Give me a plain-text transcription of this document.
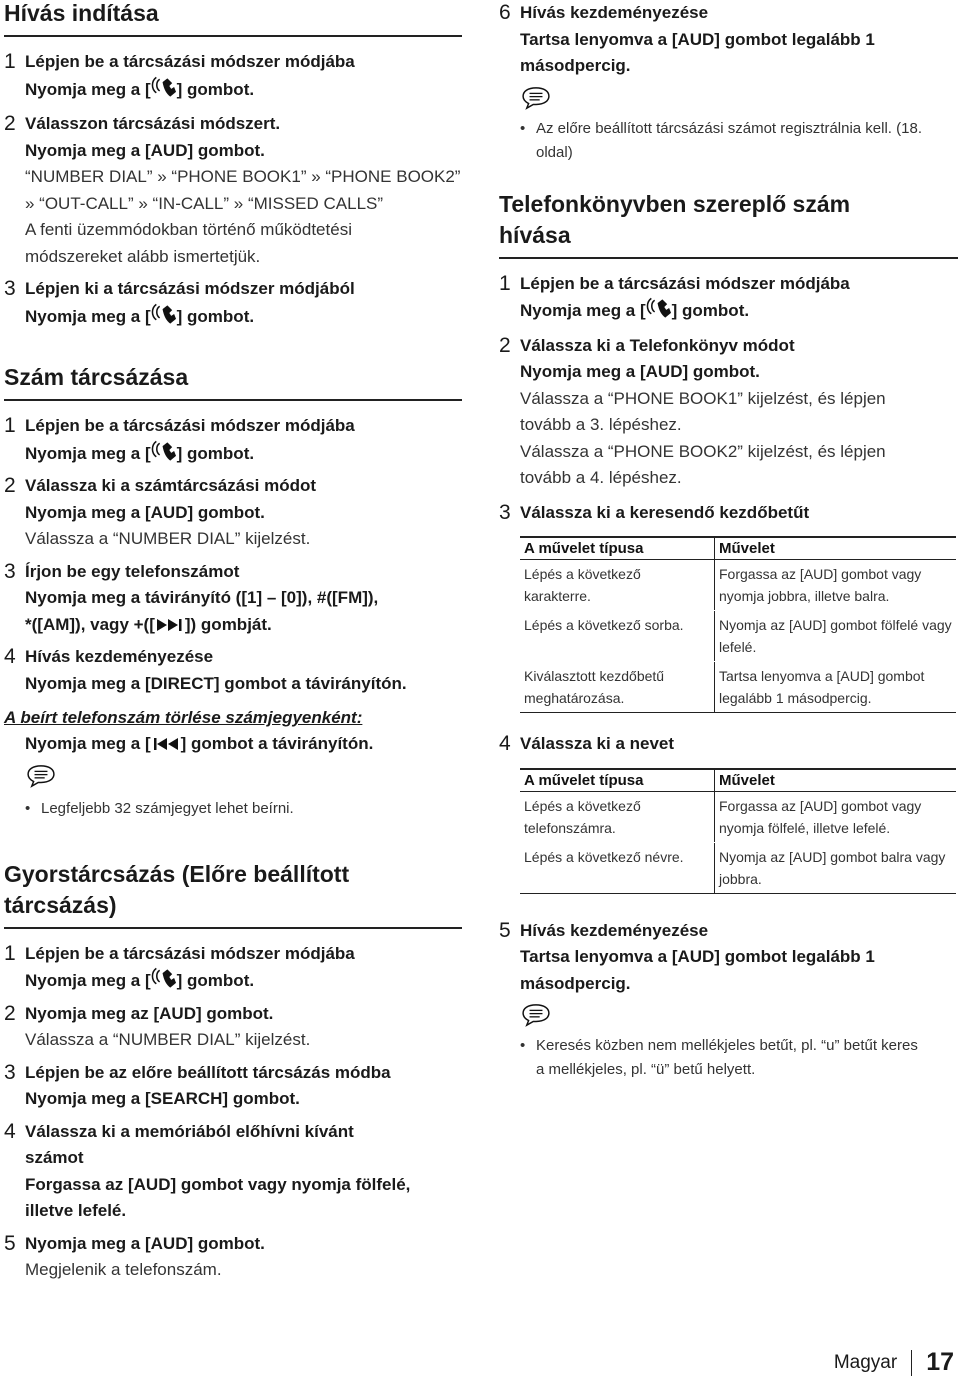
Hívás indítása
1 Lépjen be a tárcsázási módszer módjába
Nyomja meg a [ ] gombot.
2 Válasszon tárcsázási módszert.
Nyomja meg a [AUD] gombot.
“NUMBER DIAL” » “PHONE BOOK1” » “PHONE BOOK2”
» “OUT-CALL” » “IN-CALL” » “MISSED CALLS”
A fenti üzemmódokban történő működtetési
módszereket alább ismertetjük.
3 Lépjen ki a tárcsázási módszer módjából
Nyomja meg a [ ] gombot.
Szám tárcsázása
1 Lépjen be a tárcsázási módszer módjába
Nyomja meg a [ ] gombot.
2 Válassza ki a számtárcsázási módot
Nyomja meg a [AUD] gombot.
Válassza a “NUMBER DIAL” kijelzést.
3 Írjon be egy telefonszámot
Nyomja meg a távirányító ([1] – [0]), #([FM]),
*([AM]), vagy +([ ]) gombját.
4 Hívás kezdeményezése
Nyomja meg a [DIRECT] gombot a távirányítón.
A beírt telefonszám törlése számjegyenként:
Nyomja meg a [ ] gombot a távirányítón.
• Legfeljebb 32 számjegyet lehet beírni.
Gyorstárcsázás (Előre beállított
tárcsázás)
1 Lépjen be a tárcsázási módszer módjába
Nyomja meg a [ ] gombot.
2 Nyomja meg az [AUD] gombot.
Válassza a “NUMBER DIAL” kijelzést.
3 Lépjen be az előre beállított tárcsázás módba
Nyomja meg a [SEARCH] gombot.
4 Válassza ki a memóriából előhívni kívánt
számot
Forgassa az [AUD] gombot vagy nyomja fölfelé,
illetve lefelé.
5 Nyomja meg a [AUD] gombot.
Megjelenik a telefonszám.
6 Hívás kezdeményezése
Tartsa lenyomva a [AUD] gombot legalább 1
másodpercig.
• Az előre beállított tárcsázási számot regisztrálnia kell. (18.
oldal)
Telefonkönyvben szereplő szám
hívása
1 Lépjen be a tárcsázási módszer módjába
Nyomja meg a [ ] gombot.
2 Válassza ki a Telefonkönyv módot
Nyomja meg a [AUD] gombot.
Válassza a “PHONE BOOK1” kijelzést, és lépjen
tovább a 3. lépéshez.
Válassza a “PHONE BOOK2” kijelzést, és lépjen
tovább a 4. lépéshez.
3 Válassza ki a keresendő kezdőbetűt
A művelet típusa	Művelet
Lépés a következő karakterre.	Forgassa az [AUD] gombot vagy nyomja jobbra, illetve balra.
Lépés a következő sorba.	Nyomja az [AUD] gombot fölfelé vagy lefelé.
Kiválasztott kezdőbetű meghatározása.	Tartsa lenyomva a [AUD] gombot legalább 1 másodpercig.
4 Válassza ki a nevet
A művelet típusa	Művelet
Lépés a következő telefonszámra.	Forgassa az [AUD] gombot vagy nyomja fölfelé, illetve lefelé.
Lépés a következő névre.	Nyomja az [AUD] gombot balra vagy jobbra.
5 Hívás kezdeményezése
Tartsa lenyomva a [AUD] gombot legalább 1
másodpercig.
• Keresés közben nem mellékjeles betűt, pl. “u” betűt keres
a mellékjeles, pl. “ü” betű helyett.
Magyar 17
